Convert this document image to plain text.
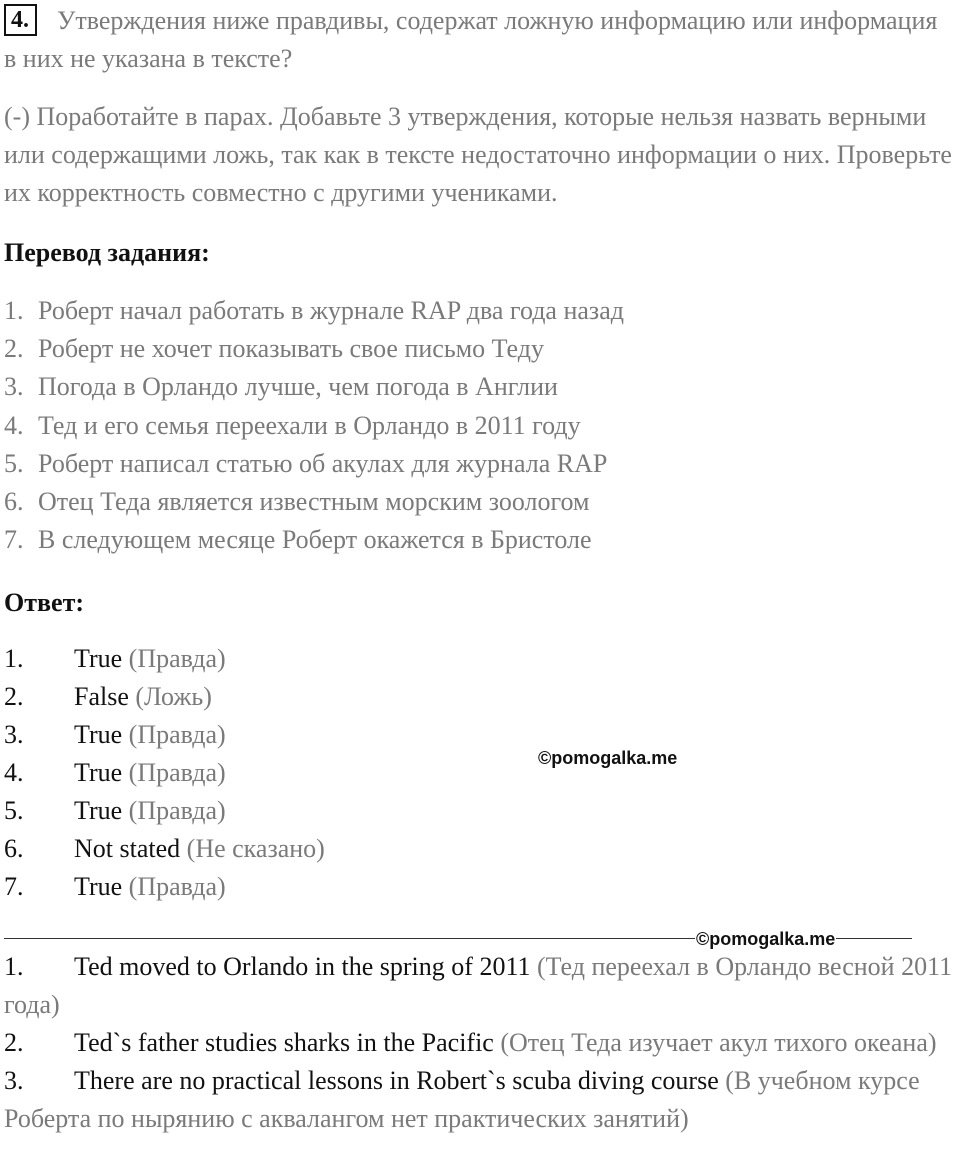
4. Утверждения ниже правдивы, содержат ложную информацию или информация в них не указана в тексте?
(-) Поработайте в парах. Добавьте 3 утверждения, которые нельзя назвать верными или содержащими ложь, так как в тексте недостаточно информации о них. Проверьте их корректность совместно с другими учениками.
Перевод задания:
1. Роберт начал работать в журнале RAP два года назад
2. Роберт не хочет показывать свое письмо Теду
3. Погода в Орландо лучше, чем погода в Англии
4. Тед и его семья переехали в Орландо в 2011 году
5. Роберт написал статью об акулах для журнала RAP
6. Отец Теда является известным морским зоологом
7. В следующем месяце Роберт окажется в Бристоле
Ответ:
1. True (Правда)
2. False (Ложь)
3. True (Правда)
4. True (Правда)
5. True (Правда)
6. Not stated (Не сказано)
7. True (Правда)
©pomogalka.me
©pomogalka.me
1. Ted moved to Orlando in the spring of 2011 (Тед переехал в Орландо весной 2011 года)
2. Ted`s father studies sharks in the Pacific (Отец Теда изучает акул тихого океана)
3. There are no practical lessons in Robert`s scuba diving course (В учебном курсе Роберта по нырянию с аквалангом нет практических занятий)
